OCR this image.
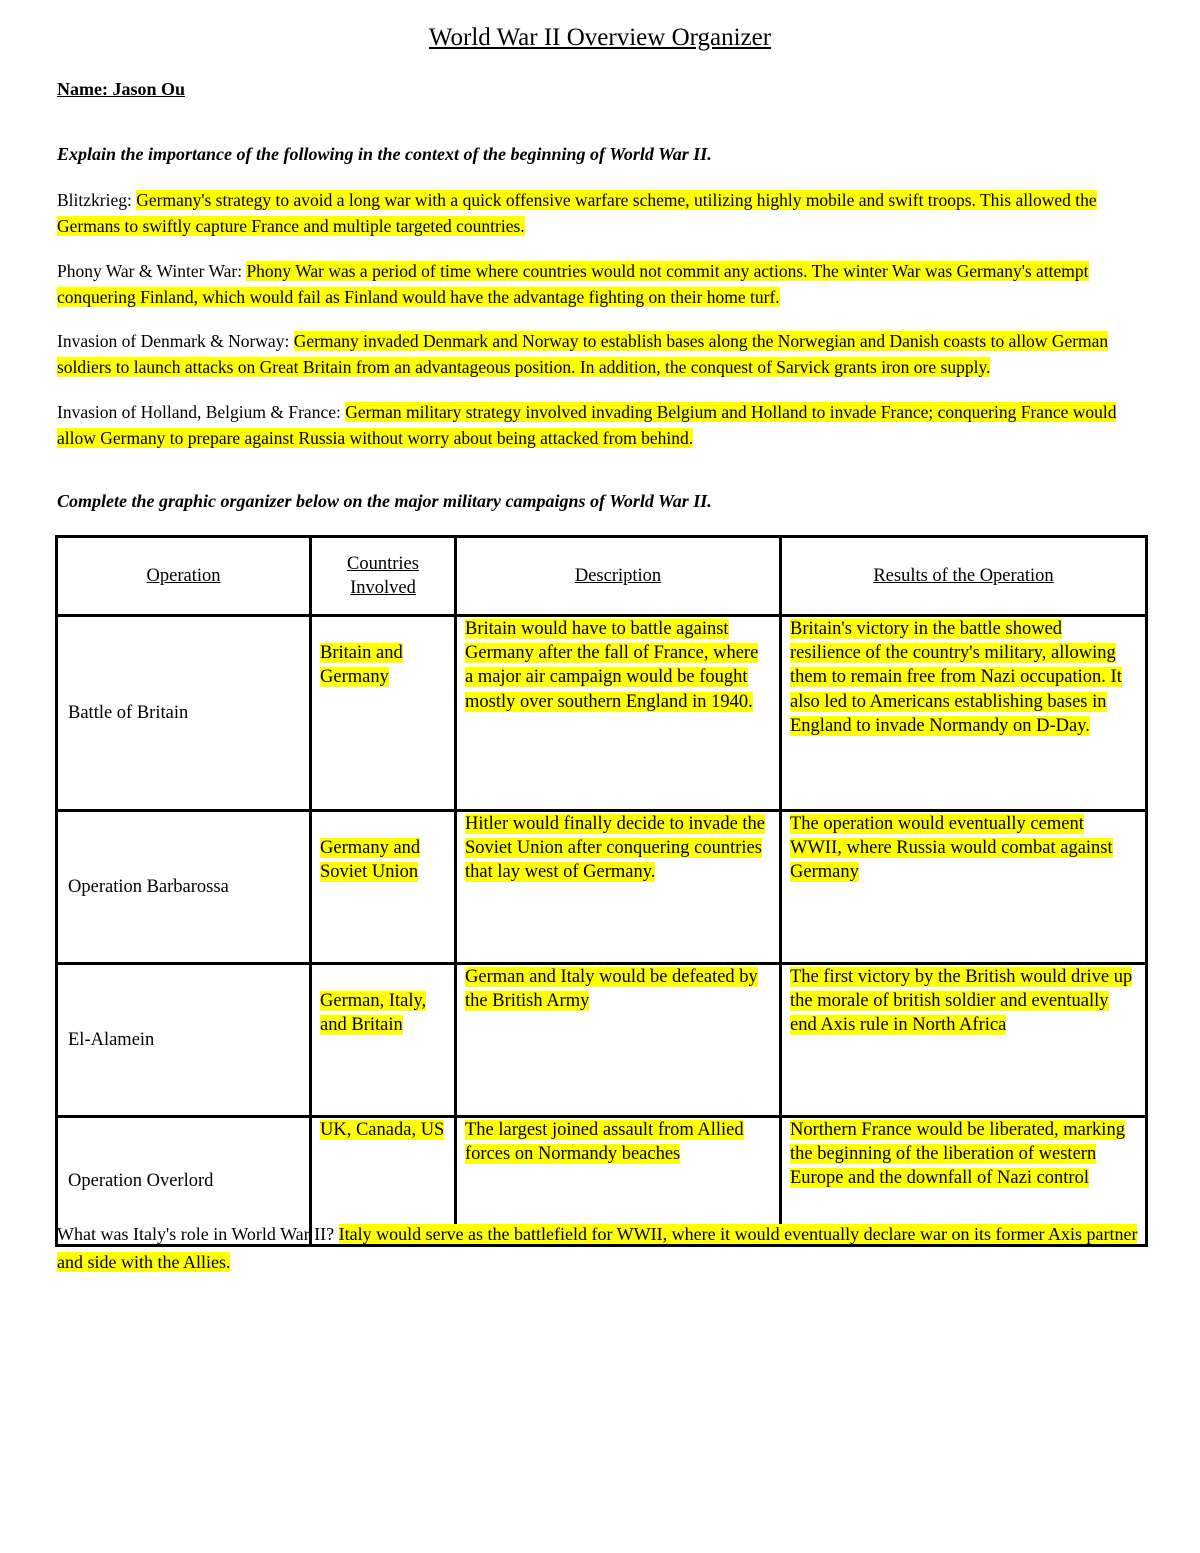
World War II Overview Organizer

Name: Jason Ou

Explain the importance of the following in the context of the beginning of World War II.

Blitzkrieg: Germany's strategy to avoid a long war with a quick offensive warfare scheme, utilizing highly mobile and swift troops. This allowed the Germans to swiftly capture France and multiple targeted countries.

Phony War & Winter War: Phony War was a period of time where countries would not commit any actions. The winter War was Germany's attempt conquering Finland, which would fail as Finland would have the advantage fighting on their home turf.

Invasion of Denmark & Norway: Germany invaded Denmark and Norway to establish bases along the Norwegian and Danish coasts to allow German soldiers to launch attacks on Great Britain from an advantageous position. In addition, the conquest of Sarvick grants iron ore supply.

Invasion of Holland, Belgium & France: German military strategy involved invading Belgium and Holland to invade France; conquering France would allow Germany to prepare against Russia without worry about being attacked from behind.

Complete the graphic organizer below on the major military campaigns of World War II.

Operation	Countries Involved	Description	Results of the Operation
Battle of Britain	Britain and Germany	Britain would have to battle against Germany after the fall of France, where a major air campaign would be fought mostly over southern England in 1940.	Britain's victory in the battle showed resilience of the country's military, allowing them to remain free from Nazi occupation. It also led to Americans establishing bases in England to invade Normandy on D-Day.
Operation Barbarossa	Germany and Soviet Union	Hitler would finally decide to invade the Soviet Union after conquering countries that lay west of Germany.	The operation would eventually cement WWII, where Russia would combat against Germany
El-Alamein	German, Italy, and Britain	German and Italy would be defeated by the British Army	The first victory by the British would drive up the morale of british soldier and eventually end Axis rule in North Africa
Operation Overlord	UK, Canada, US	The largest joined assault from Allied forces on Normandy beaches	Northern France would be liberated, marking the beginning of the liberation of western Europe and the downfall of Nazi control

What was Italy's role in World War II? Italy would serve as the battlefield for WWII, where it would eventually declare war on its former Axis partner and side with the Allies.
